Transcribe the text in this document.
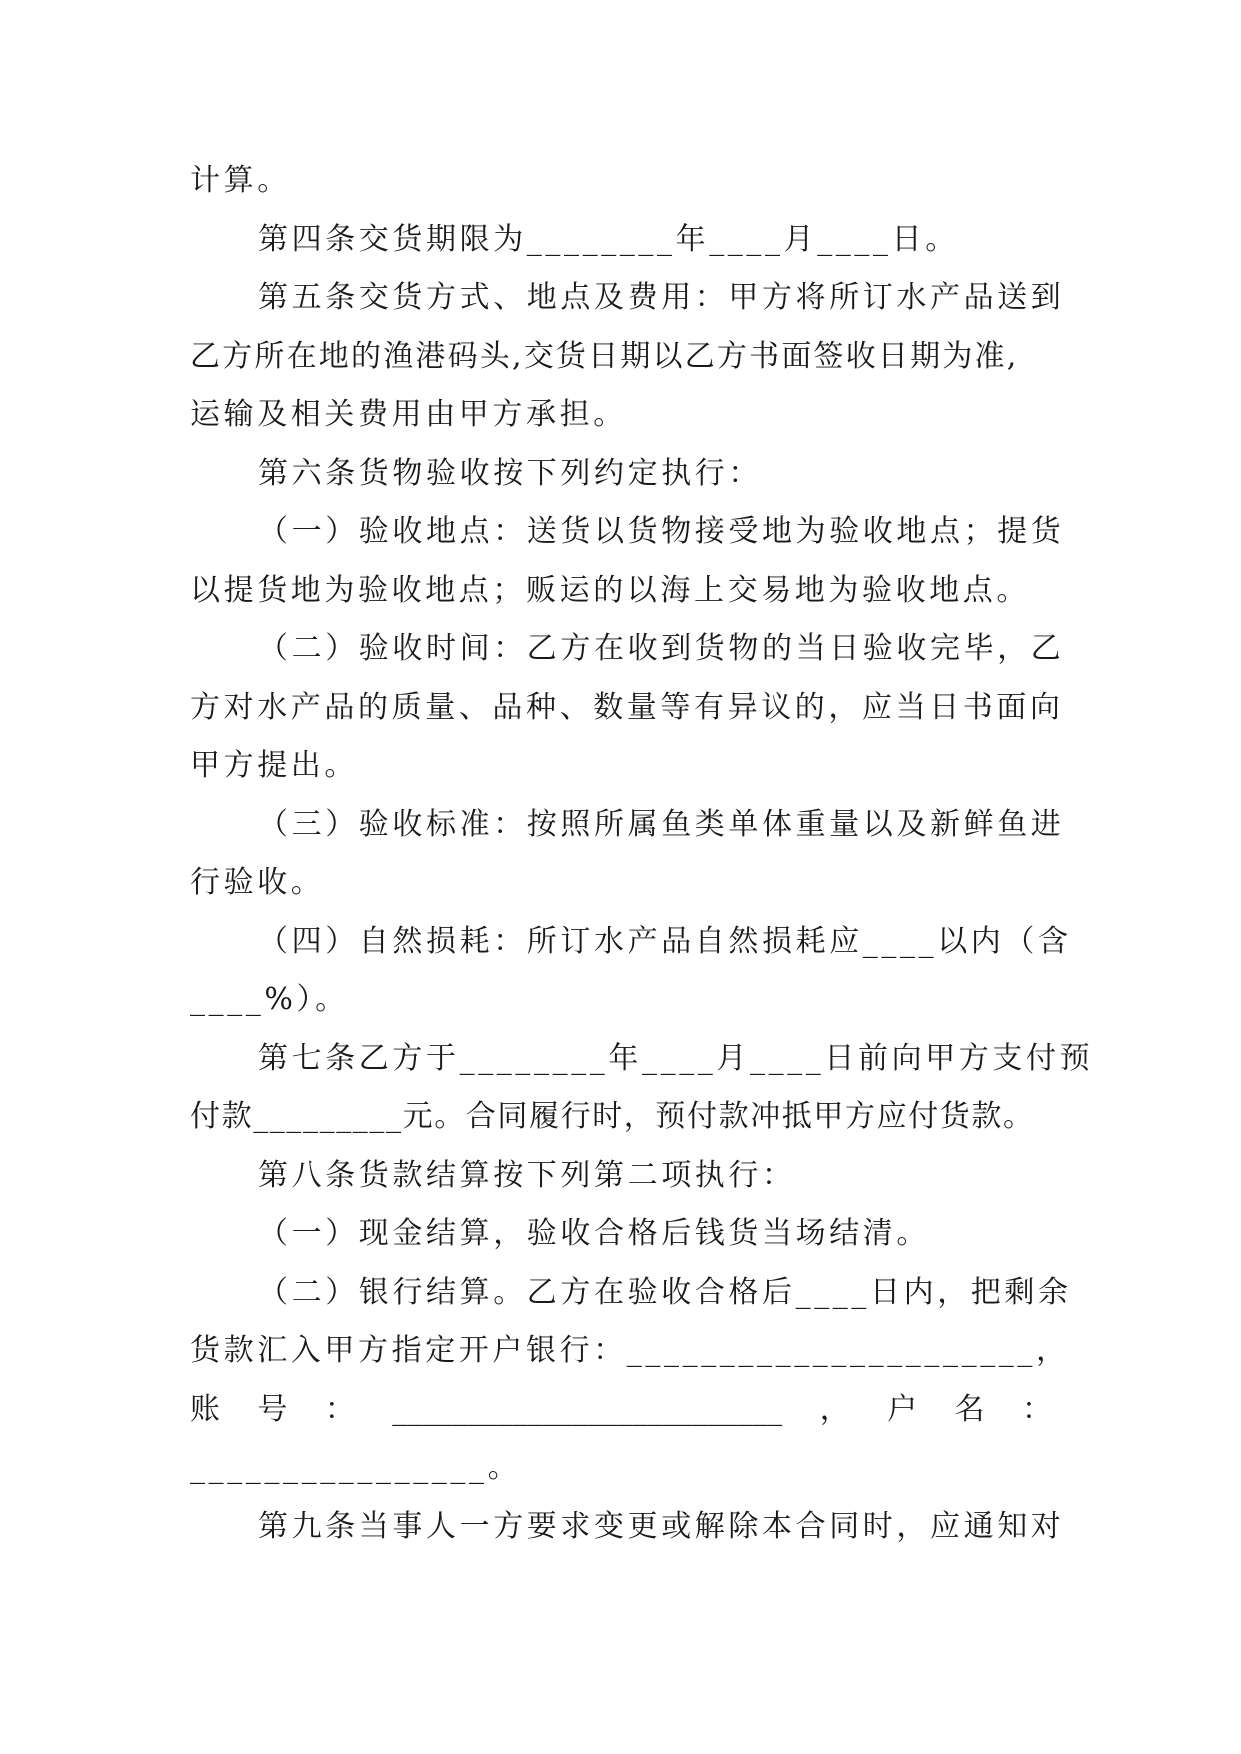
计算。
第四条交货期限为________年____月____日。
第五条交货方式、地点及费用：甲方将所订水产品送到
乙方所在地的渔港码头,交货日期以乙方书面签收日期为准,
运输及相关费用由甲方承担。
第六条货物验收按下列约定执行：
（一）验收地点：送货以货物接受地为验收地点；提货
以提货地为验收地点；贩运的以海上交易地为验收地点。
（二）验收时间：乙方在收到货物的当日验收完毕，乙
方对水产品的质量、品种、数量等有异议的，应当日书面向
甲方提出。
（三）验收标准：按照所属鱼类单体重量以及新鲜鱼进
行验收。
（四）自然损耗：所订水产品自然损耗应____以内（含
____%）。
第七条乙方于________年____月____日前向甲方支付预
付款_________元。合同履行时，预付款冲抵甲方应付货款。
第八条货款结算按下列第二项执行：
（一）现金结算，验收合格后钱货当场结清。
（二）银行结算。乙方在验收合格后____日内，把剩余
货款汇入甲方指定开户银行：______________________，
账 号 ： __________________________ ， 户 名 ：
________________。
第九条当事人一方要求变更或解除本合同时，应通知对
